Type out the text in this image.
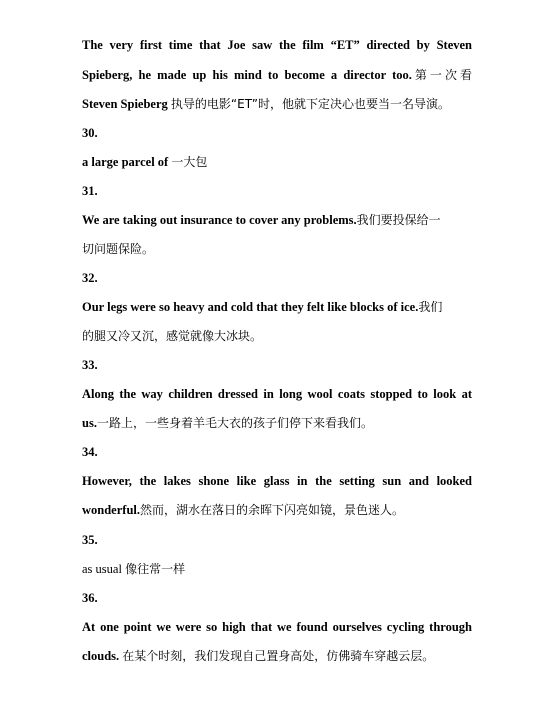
The very first time that Joe saw the film “ET” directed by Steven
Spieberg, he made up his mind to become a director too.第一次看
Steven Spieberg 执导的电影“ET”时，他就下定决心也要当一名导演。
30.
a large parcel of 一大包
31.
We are taking out insurance to cover any problems.我们要投保给一
切问题保险。
32.
Our legs were so heavy and cold that they felt like blocks of ice.我们
的腿又冷又沉，感觉就像大冰块。
33.
Along the way children dressed in long wool coats stopped to look at
us.一路上，一些身着羊毛大衣的孩子们停下来看我们。
34.
However, the lakes shone like glass in the setting sun and looked
wonderful.然而，湖水在落日的余晖下闪亮如镜，景色迷人。
35.
as usual 像往常一样
36.
At one point we were so high that we found ourselves cycling through
clouds. 在某个时刻，我们发现自己置身高处，仿佛骑车穿越云层。
